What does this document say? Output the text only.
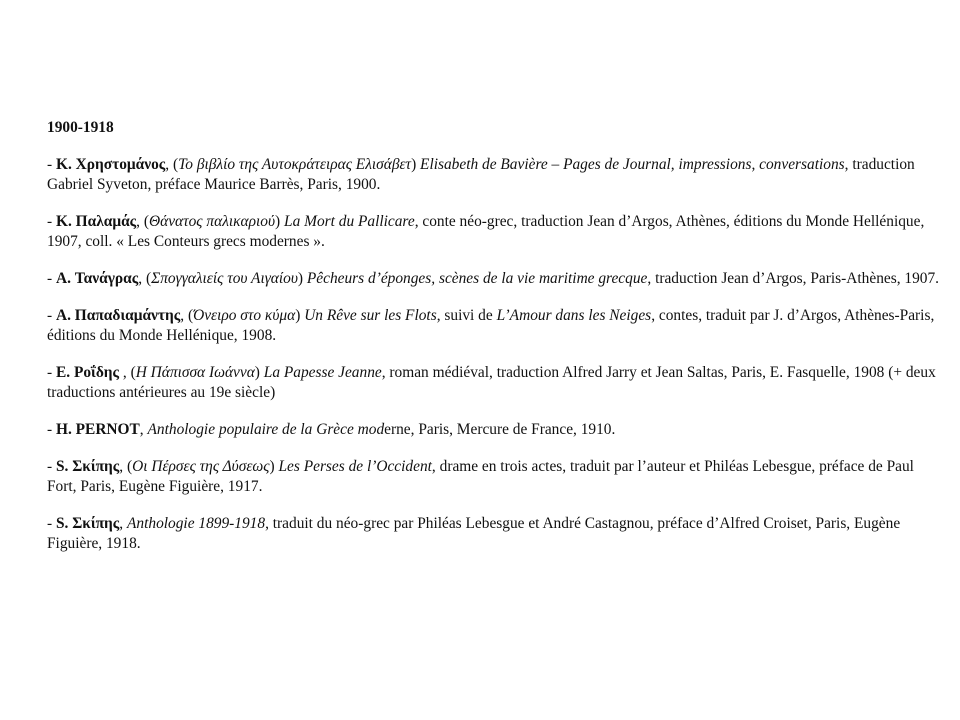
1900-1918

- K. Χρηστομάνος, (Το βιβλίο της Αυτοκράτειρας Ελισάβετ) Elisabeth de Bavière – Pages de Journal, impressions, conversations, traduction Gabriel Syveton, préface Maurice Barrès, Paris, 1900.

- K. Παλαμάς, (Θάνατος παλικαριού) La Mort du Pallicare, conte néo-grec, traduction Jean d’Argos, Athènes, éditions du Monde Hellénique, 1907, coll. « Les Conteurs grecs modernes ».

- A. Τανάγρας, (Σπογγαλιείς του Αιγαίου) Pêcheurs d’éponges, scènes de la vie maritime grecque, traduction Jean d’Argos, Paris-Athènes, 1907.

- A. Παπαδιαμάντης, (Όνειρο στο κύμα) Un Rêve sur les Flots, suivi de L’Amour dans les Neiges, contes, traduit par J. d’Argos, Athènes-Paris, éditions du Monde Hellénique, 1908.

- E. Ροΐδης , (Η Πάπισσα Ιωάννα) La Papesse Jeanne, roman médiéval, traduction Alfred Jarry et Jean Saltas, Paris, E. Fasquelle, 1908 (+ deux traductions antérieures au 19e siècle)

- H. PERNOT, Anthologie populaire de la Grèce moderne, Paris, Mercure de France, 1910.

- S. Σκίπης, (Οι Πέρσες της Δύσεως) Les Perses de l’Occident, drame en trois actes, traduit par l’auteur et Philéas Lebesgue, préface de Paul Fort, Paris, Eugène Figuière, 1917.

- S. Σκίπης, Anthologie 1899-1918, traduit du néo-grec par Philéas Lebesgue et André Castagnou, préface d’Alfred Croiset, Paris, Eugène Figuière, 1918.
